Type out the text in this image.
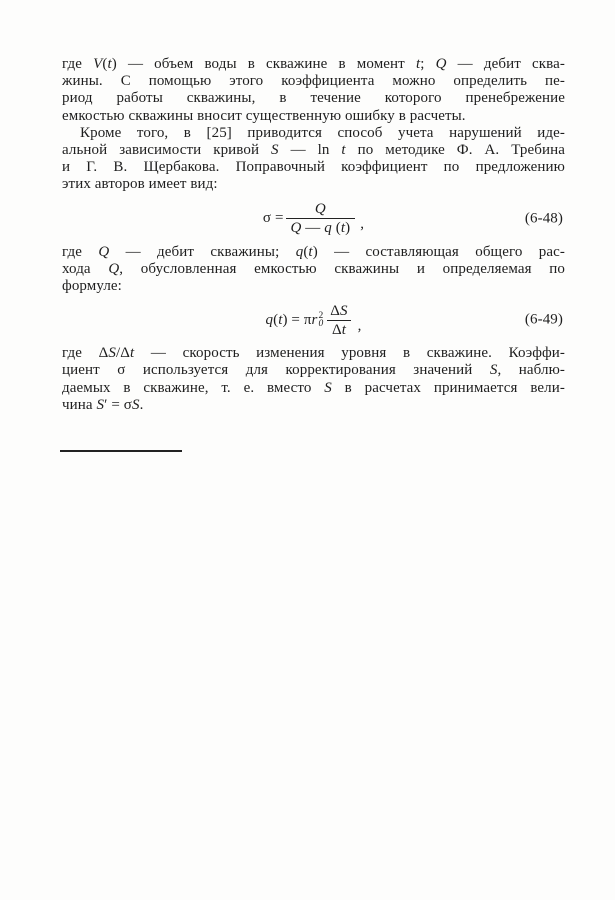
где V(t) — объем воды в скважине в момент t; Q — дебит сква-
жины. С помощью этого коэффициента можно определить пе-
риод работы скважины, в течение которого пренебрежение
емкостью скважины вносит существенную ошибку в расчеты.
Кроме того, в [25] приводится способ учета нарушений иде-
альной зависимости кривой S — ln t по методике Ф. А. Требина
и Г. В. Щербакова. Поправочный коэффициент по предложению
этих авторов имеет вид:
$\sigma = \frac{Q}{Q — q (t)}$ ,	(6-48)
где Q — дебит скважины; q(t) — составляющая общего рас-
хода Q, обусловленная емкостью скважины и определяемая по
формуле:
q ( t ) = π r 2
$0 \frac{\Delta S}{\Delta t}$ ,	(6-49)
где ΔS/Δt — скорость изменения уровня в скважине. Коэффи-
циент σ используется для корректирования значений S, наблю-
даемых в скважине, т. е. вместо S в расчетах принимается вели-
чина S′ = σS.
